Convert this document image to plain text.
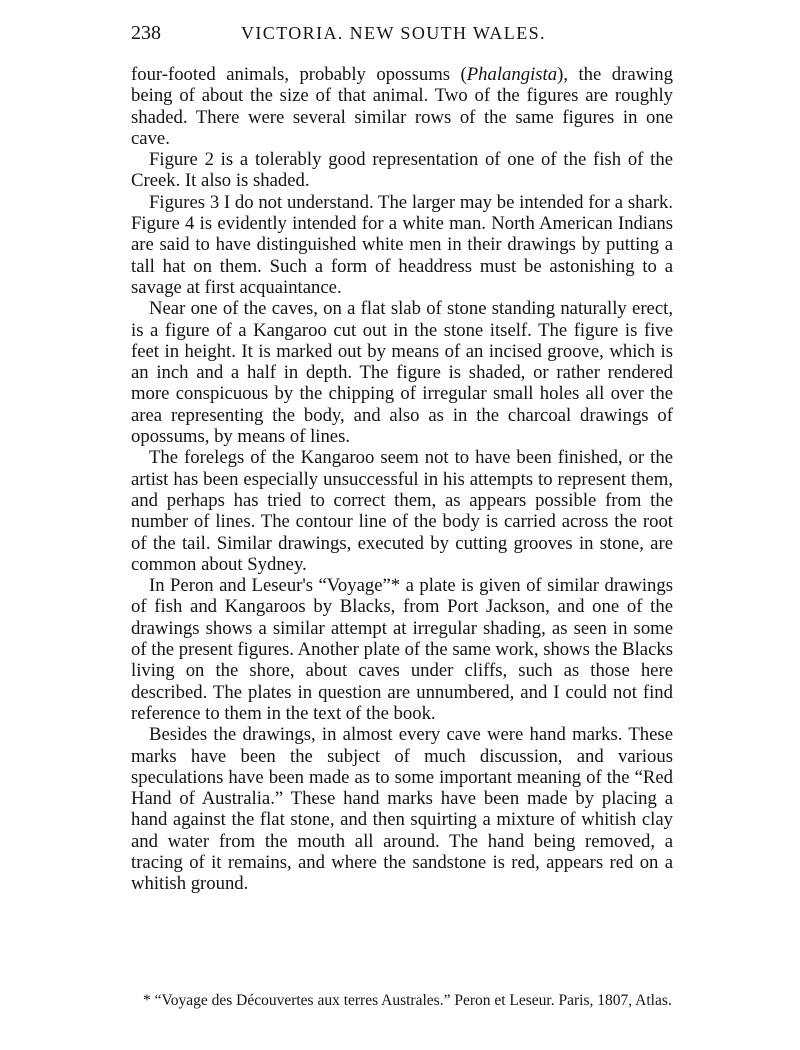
238	VICTORIA. NEW SOUTH WALES.

four-footed animals, probably opossums (Phalangista), the drawing being of about the size of that animal. Two of the figures are roughly shaded. There were several similar rows of the same figures in one cave.

Figure 2 is a tolerably good representation of one of the fish of the Creek. It also is shaded.

Figures 3 I do not understand. The larger may be intended for a shark. Figure 4 is evidently intended for a white man. North American Indians are said to have distinguished white men in their drawings by putting a tall hat on them. Such a form of headdress must be astonishing to a savage at first acquaintance.

Near one of the caves, on a flat slab of stone standing naturally erect, is a figure of a Kangaroo cut out in the stone itself. The figure is five feet in height. It is marked out by means of an incised groove, which is an inch and a half in depth. The figure is shaded, or rather rendered more conspicuous by the chipping of irregular small holes all over the area representing the body, and also as in the charcoal drawings of opossums, by means of lines.

The forelegs of the Kangaroo seem not to have been finished, or the artist has been especially unsuccessful in his attempts to represent them, and perhaps has tried to correct them, as appears possible from the number of lines. The contour line of the body is carried across the root of the tail. Similar drawings, executed by cutting grooves in stone, are common about Sydney.

In Peron and Leseur's “Voyage”* a plate is given of similar drawings of fish and Kangaroos by Blacks, from Port Jackson, and one of the drawings shows a similar attempt at irregular shading, as seen in some of the present figures. Another plate of the same work, shows the Blacks living on the shore, about caves under cliffs, such as those here described. The plates in question are unnumbered, and I could not find reference to them in the text of the book.

Besides the drawings, in almost every cave were hand marks. These marks have been the subject of much discussion, and various speculations have been made as to some important meaning of the “Red Hand of Australia.” These hand marks have been made by placing a hand against the flat stone, and then squirting a mixture of whitish clay and water from the mouth all around. The hand being removed, a tracing of it remains, and where the sandstone is red, appears red on a whitish ground.

* “Voyage des Découvertes aux terres Australes.” Peron et Leseur. Paris, 1807, Atlas.
